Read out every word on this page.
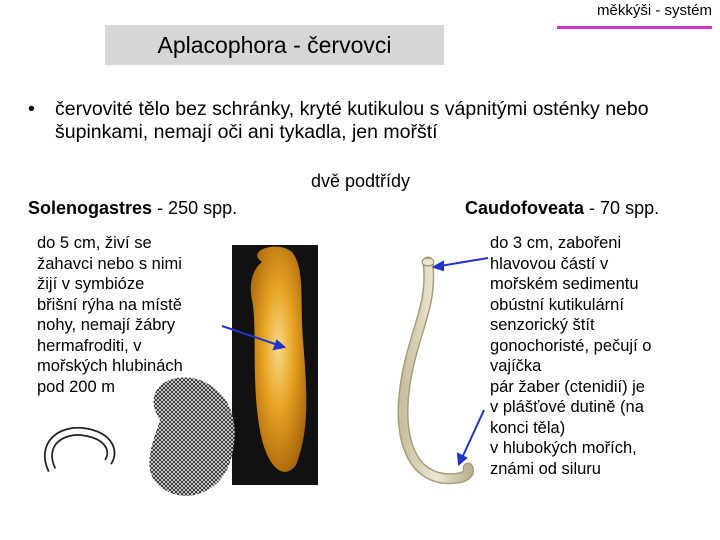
měkkýši - systém
Aplacophora
- červovci
•	červovité tělo bez schránky, kryté kutikulou s vápnitými osténky nebo šupinkami, nemají oči ani tykadla, jen mořští
dvě podtřídy
Solenogastres - 250 spp.	Caudofoveata - 70 spp.
do 5 cm, živí se
žahavci nebo s nimi
žijí v symbióze
břišní rýha na místě
nohy, nemají žábry
hermafroditi, v
mořských hlubinách
pod 200 m
do 3 cm, zabořeni
hlavovou částí v
mořském sedimentu
obústní kutikulární
senzorický štít
gonochoristé, pečují o
vajíčka
pár žaber (ctenidií) je
v plášťové dutině (na
konci těla)
v hlubokých mořích,
známi od siluru
